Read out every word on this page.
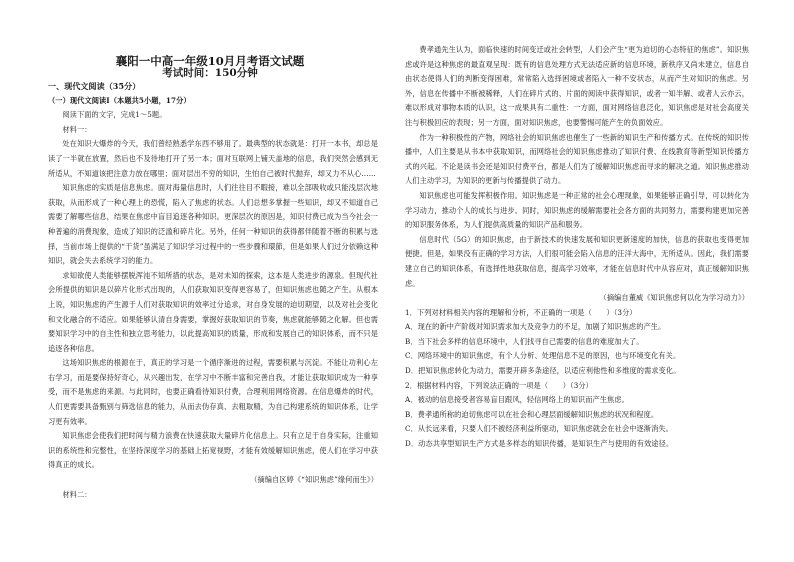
襄阳一中高一年级10月月考语文试题
考试时间：150分钟
一、现代文阅读（35分）
（一）现代文阅读Ⅰ（本题共5小题，17分）

阅读下面的文字，完成1～5题。

材料一：

处在知识大爆炸的今天，我们曾经熟悉学东西不够用了。最典型的状态就是：打开一本书，却总是读了一半就在放置，然后也不及待地打开了另一本；面对互联网上铺天盖地的信息，我们突然会感到无所适从，不知道该把注意力放在哪里；面对层出不穷的知识，生怕自己被时代抛弃，却又力不从心……

知识焦虑的实质是信息焦虑。面对海量信息时，人们往往目不暇接，难以全部吸收或只能浅层次地获取，从而形成了一种心理上的恐慌，陷入了焦虑的状态。人们总想多掌握一些知识，却又不知道自己需要了解哪些信息，结果在焦虑中盲目追逐各种知识。更深层次的原因是，知识付费已成为当今社会一种普遍的消费现象，造成了知识的泛滥和碎片化。另外，任何一种知识的获得都伴随着不断的积累与选择，当前市场上提供的“干货”虽满足了知识学习过程中的一些步骤和環節，但是如果人们过分依赖这种知识，就会失去系统学习的能力。

求知欲使人类能够摆脱浑沌不知所措的状态，是对未知的探索，这本是人类进步的源泉。但现代社会所提供的知识是以碎片化形式出现的，人们获取知识变得更容易了，但知识焦虑也随之产生。从根本上说，知识焦虑的产生源于人们对获取知识的效率过分追求，对自身发展的迫切期望，以及对社会变化和文化融合的不适应。如果能够认清自身需要，掌握好获取知识的节奏，焦虑就能够随之化解。但也需要知识学习中的自主性和独立思考能力，以此提高知识的质量，形成和发展自己的知识体系，而不只是追逐各种信息。

这场知识焦虑的根源在于，真正的学习是一个循序渐进的过程，需要积累与沉淀。不能让功利心左右学习，而是要保持好奇心，从兴趣出发，在学习中不断丰富和完善自我，才能让获取知识成为一种享受，而不是焦虑的来源。与此同时，也要正确看待知识付费，合理利用网络资源。在信息爆炸的时代，人们更需要具备甄别与筛选信息的能力，从而去伪存真、去粗取精，为自己构建系统的知识体系，让学习更有效率。

知识焦虑会使我们把时间与精力浪费在快速获取大量碎片化信息上。只有立足于自身实际，注重知识的系统性和完整性，在坚持深度学习的基础上拓宽视野，才能有效缓解知识焦虑，使人们在学习中获得真正的成长。

（摘编自区婷《“知识焦虑”缘何而生》）

材料二：

费孝通先生认为，面临快速的时间变迁或社会转型，人们会产生“更为迫切的心态特征的焦虑”。知识焦虑或许是这种焦虑的最直观呈现：既有的信息处理方式无法适应新的信息环境，新秩序又尚未建立，信息自由状态使得人们的判断变得困难，常常陷入选择困境或者陷入一种不安状态，从而产生对知识的焦虑。另外，信息在传播中不断被稀释，人们在碎片式的、片面的阅读中获得知识，或者一知半解、或者人云亦云，难以形成对事物本质的认识，这一成果具有二重性：一方面，面对网络信息泛化，知识焦虑是对社会高度关注与积极回应的表现；另一方面，面对知识焦虑，也要警惕可能产生的负面效应。

作为一种积极性的产物，网络社会的知识焦虑也催生了一些新的知识生产和传播方式。在传统的知识传播中，人们主要是从书本中获取知识，而网络社会的知识焦虑推动了知识付费、在线教育等新型知识传播方式的兴起。不论是读书会还是知识付费平台，都是人们为了缓解知识焦虑而寻求的解决之道。知识焦虑推动人们主动学习，为知识的更新与传播提供了动力。

知识焦虑也可能发挥积极作用。知识焦虑是一种正常的社会心理现象，如果能够正确引导，可以转化为学习动力，推动个人的成长与进步。同时，知识焦虑的缓解需要社会各方面的共同努力，需要构建更加完善的知识服务体系，为人们提供高质量的知识产品和服务。

信息时代（5G）的知识焦虑，由于新技术的快速发展和知识更新速度的加快，信息的获取也变得更加便捷。但是，如果没有正确的学习方法，人们很可能会陷入信息的汪洋大海中，无所适从。因此，我们需要建立自己的知识体系，有选择性地获取信息，提高学习效率，才能在信息时代中从容应对，真正缓解知识焦虑。

（摘编自董威《知识焦虑何以化为学习动力》）

1．下列对材料相关内容的理解和分析，不正确的一项是（　　）（3分）

A．现在的新中产阶级对知识需求加大及竞争力的不足，加剧了知识焦虑的产生。

B．当下社会多样的信息环境中，人们找寻自己需要的信息的难度加大了。

C．网络环境中的知识焦虑，有个人分析、处理信息不足的原因，也与环境变化有关。

D．把知识焦虑转化为动力，需要开辟多条途径，以适应利他性和多维度的需求变化。

2．根据材料内容，下列说法正确的一项是（　　）（3分）

A．被动的信息接受者容易盲目跟风，轻信网络上的知识而产生焦虑。

B．费孝通所称的迫切焦虑可以在社会和心理层面缓解知识焦虑的状况和程度。

C．从长远来看，只要人们不被经济利益所驱动，知识焦虑就会在社会中逐渐消失。

D．动态共享型知识生产方式是多样态的知识传播，是知识生产与使用的有效途径。
